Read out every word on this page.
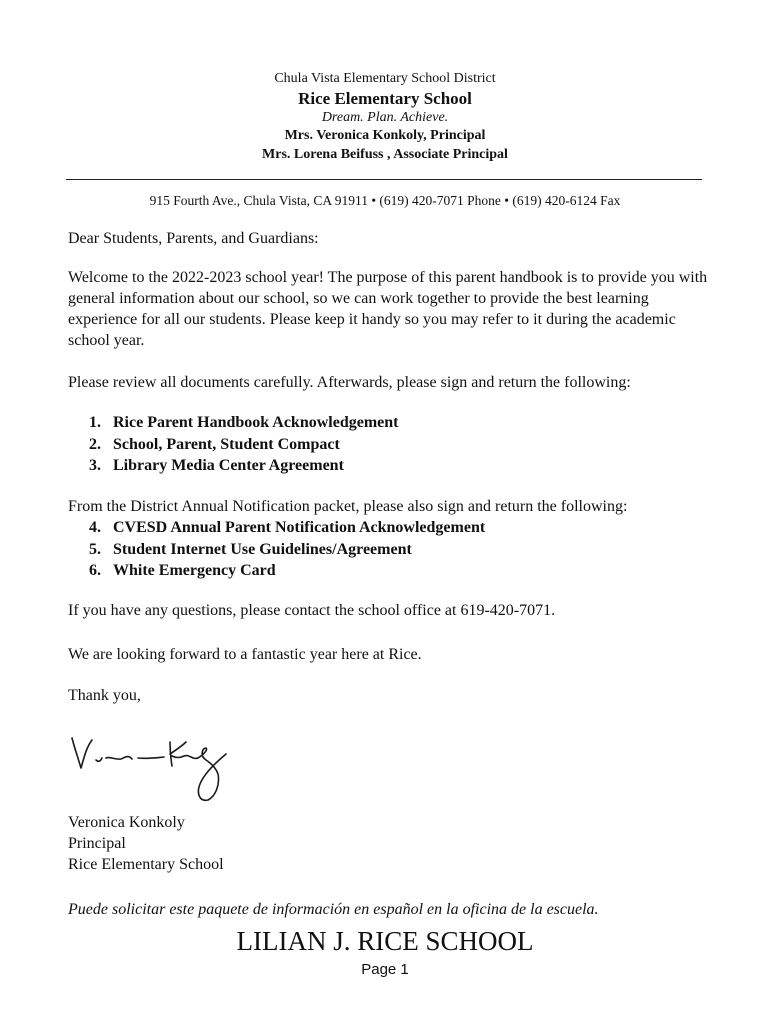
Chula Vista Elementary School District
Rice Elementary School
Dream. Plan. Achieve.
Mrs. Veronica Konkoly, Principal
Mrs. Lorena Beifuss , Associate Principal
915 Fourth Ave., Chula Vista, CA 91911 • (619) 420-7071 Phone • (619) 420-6124 Fax
Dear Students, Parents, and Guardians:
Welcome to the 2022-2023 school year! The purpose of this parent handbook is to provide you with general information about our school, so we can work together to provide the best learning experience for all our students. Please keep it handy so you may refer to it during the academic school year.
Please review all documents carefully. Afterwards, please sign and return the following:
1. Rice Parent Handbook Acknowledgement
2. School, Parent, Student Compact
3. Library Media Center Agreement
From the District Annual Notification packet, please also sign and return the following:
4. CVESD Annual Parent Notification Acknowledgement
5. Student Internet Use Guidelines/Agreement
6. White Emergency Card
If you have any questions, please contact the school office at 619-420-7071.
We are looking forward to a fantastic year here at Rice.
Thank you,
Veronica Konkoly
Principal
Rice Elementary School
Puede solicitar este paquete de información en español en la oficina de la escuela.
LILIAN J. RICE SCHOOL
Page 1
